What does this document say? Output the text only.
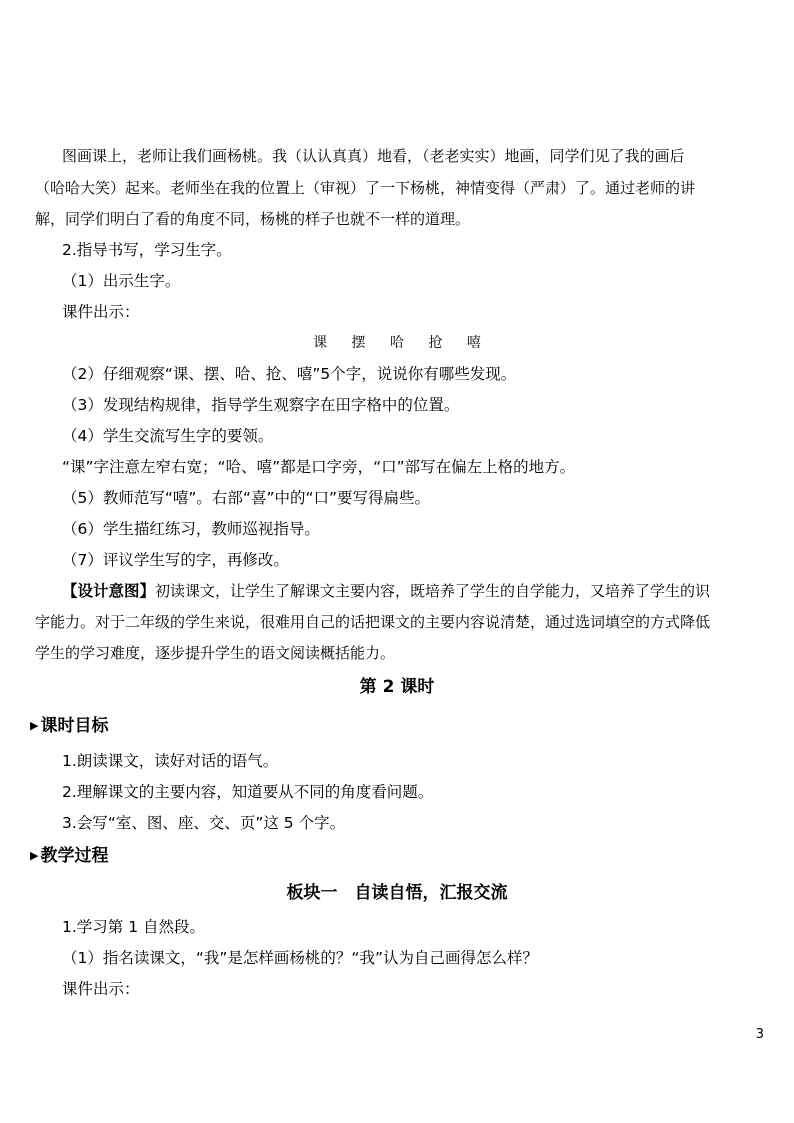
图画课上，老师让我们画杨桃。我（认认真真）地看，（老老实实）地画，同学们见了我的画后
（哈哈大笑）起来。老师坐在我的位置上（审视）了一下杨桃，神情变得（严肃）了。通过老师的讲
解，同学们明白了看的角度不同，杨桃的样子也就不一样的道理。
2.指导书写，学习生字。
（1）出示生字。
课件出示：
课 摆 哈 抢 嘻
（2）仔细观察“课、摆、哈、抢、嘻”5个字，说说你有哪些发现。
（3）发现结构规律，指导学生观察字在田字格中的位置。
（4）学生交流写生字的要领。
“课”字注意左窄右宽；“哈、嘻”都是口字旁，“口”部写在偏左上格的地方。
（5）教师范写“嘻”。右部“喜”中的“口”要写得扁些。
（6）学生描红练习，教师巡视指导。
（7）评议学生写的字，再修改。
【设计意图】初读课文，让学生了解课文主要内容，既培养了学生的自学能力，又培养了学生的识
字能力。对于二年级的学生来说，很难用自己的话把课文的主要内容说清楚，通过选词填空的方式降低
学生的学习难度，逐步提升学生的语文阅读概括能力。
第 2 课时
▶ 课时目标
1.朗读课文，读好对话的语气。
2.理解课文的主要内容，知道要从不同的角度看问题。
3.会写“室、图、座、交、页”这 5 个字。
▶ 教学过程
板块一　自读自悟，汇报交流
1.学习第 1 自然段。
（1）指名读课文，“我”是怎样画杨桃的？“我”认为自己画得怎么样？
课件出示：
3
